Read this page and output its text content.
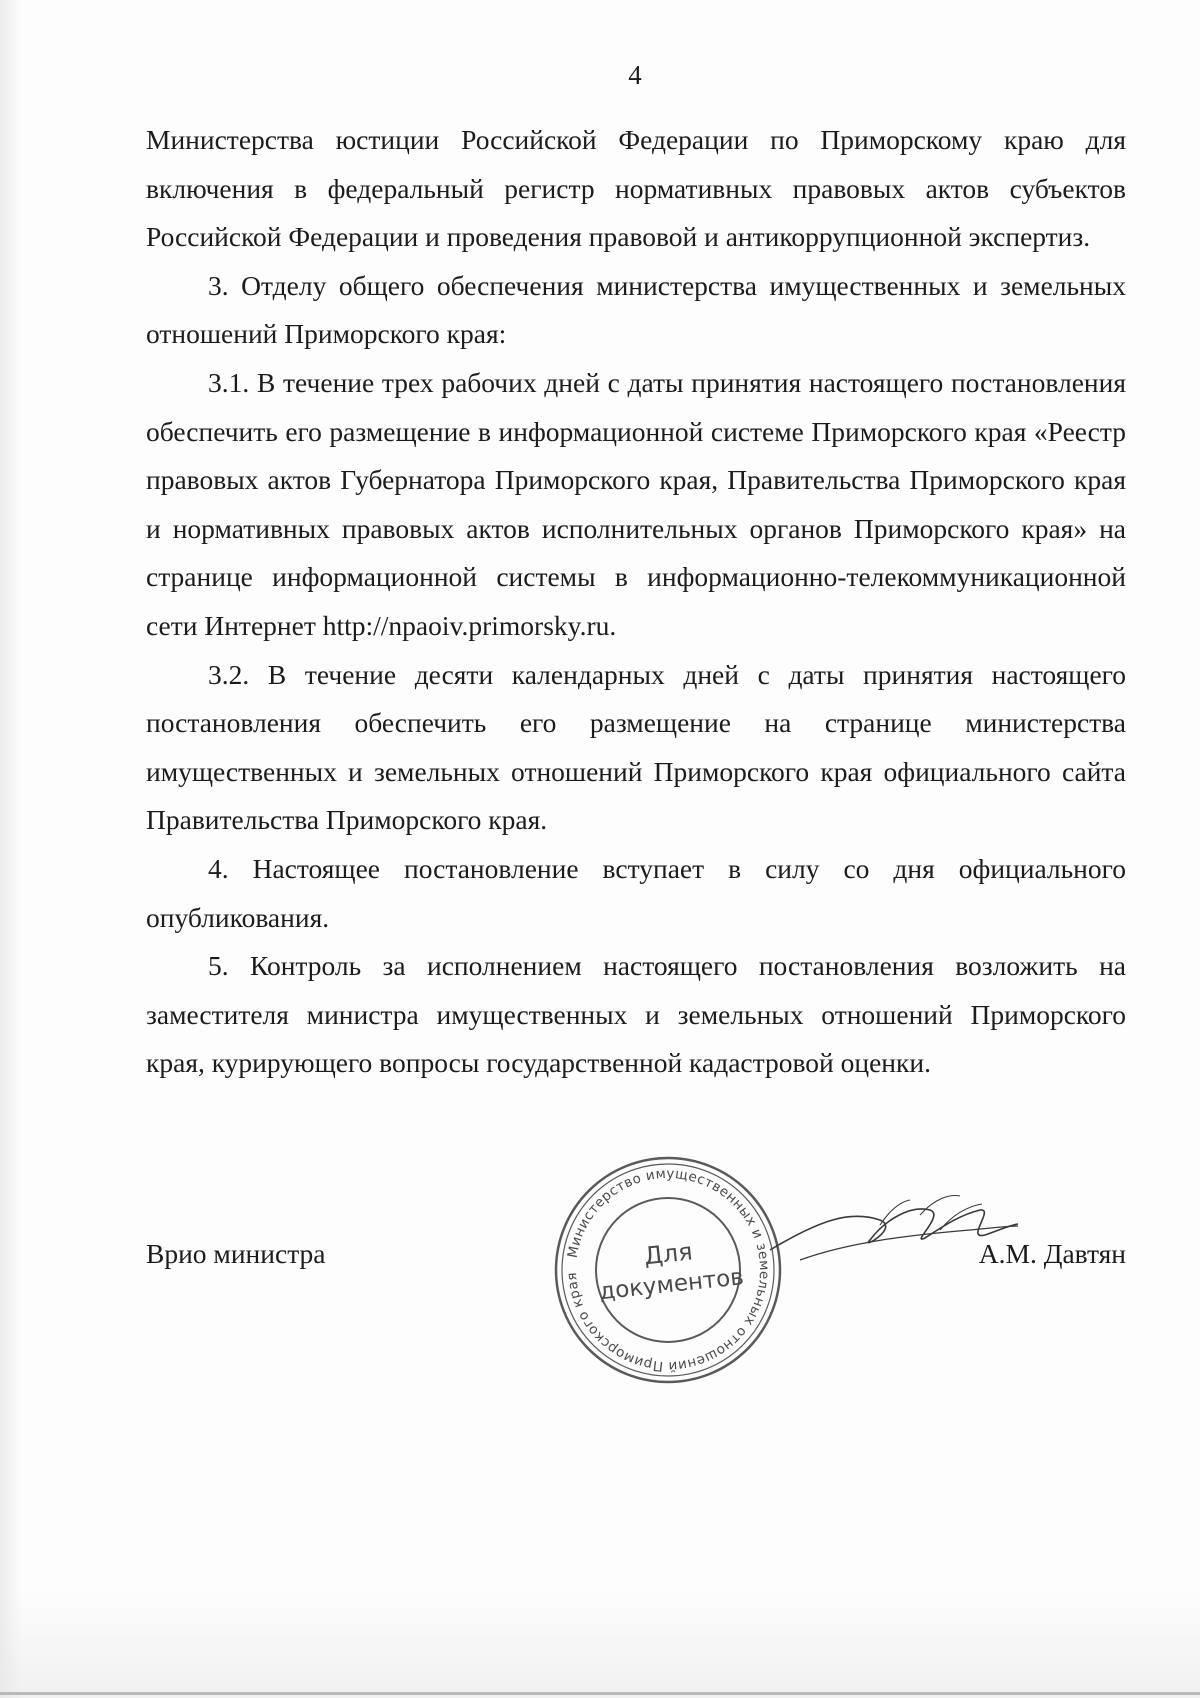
4

Министерства юстиции Российской Федерации по Приморскому краю для включения в федеральный регистр нормативных правовых актов субъектов Российской Федерации и проведения правовой и антикоррупционной экспертиз.

3. Отделу общего обеспечения министерства имущественных и земельных отношений Приморского края:

3.1. В течение трех рабочих дней с даты принятия настоящего постановления обеспечить его размещение в информационной системе Приморского края «Реестр правовых актов Губернатора Приморского края, Правительства Приморского края и нормативных правовых актов исполнительных органов Приморского края» на странице информационной системы в информационно-телекоммуникационной сети Интернет http://npaoiv.primorsky.ru.

3.2. В течение десяти календарных дней с даты принятия настоящего постановления обеспечить его размещение на странице министерства имущественных и земельных отношений Приморского края официального сайта Правительства Приморского края.

4. Настоящее постановление вступает в силу со дня официального опубликования.

5. Контроль за исполнением настоящего постановления возложить на заместителя министра имущественных и земельных отношений Приморского края, курирующего вопросы государственной кадастровой оценки.

Врио министра	А.М. Давтян
Министерство имущественных и земельных отношений Приморского края
Для
документов
